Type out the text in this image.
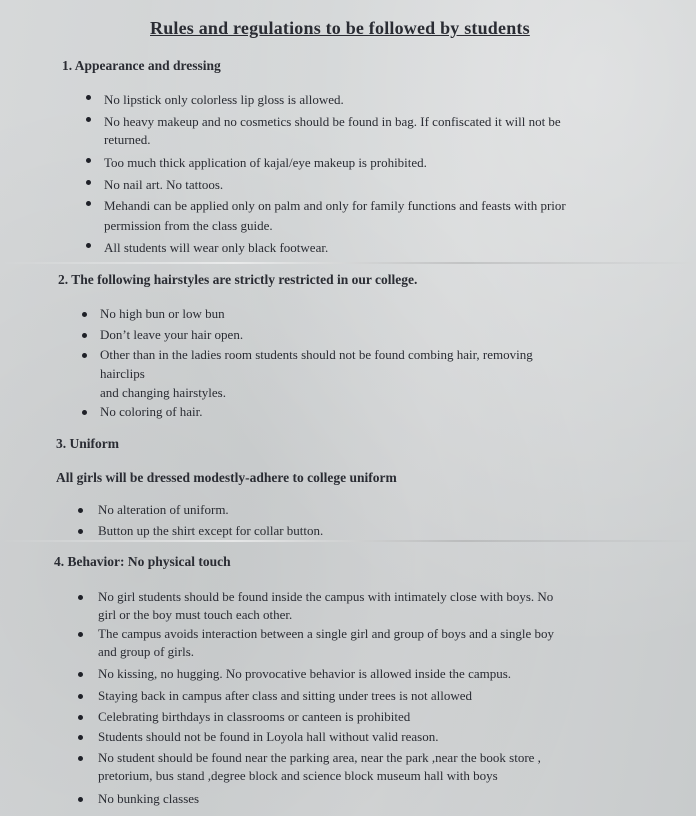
Rules and regulations to be followed by students
1. Appearance and dressing
No lipstick only colorless lip gloss is allowed.
No heavy makeup and no cosmetics should be found in bag. If confiscated it will not be
returned.
Too much thick application of kajal/eye makeup is prohibited.
No nail art. No tattoos.
Mehandi can be applied only on palm and only for family functions and feasts with prior
permission from the class guide.
All students will wear only black footwear.
2. The following hairstyles are strictly restricted in our college.
No high bun or low bun
Don’t leave your hair open.
Other than in the ladies room students should not be found combing hair, removing
hairclips
and changing hairstyles.
No coloring of hair.
3. Uniform
All girls will be dressed modestly-adhere to college uniform
No alteration of uniform.
Button up the shirt except for collar button.
4. Behavior: No physical touch
No girl students should be found inside the campus with intimately close with boys. No
girl or the boy must touch each other.
The campus avoids interaction between a single girl and group of boys and a single boy
and group of girls.
No kissing, no hugging. No provocative behavior is allowed inside the campus.
Staying back in campus after class and sitting under trees is not allowed
Celebrating birthdays in classrooms or canteen is prohibited
Students should not be found in Loyola hall without valid reason.
No student should be found near the parking area, near the park ,near the book store ,
pretorium, bus stand ,degree block and science block museum hall with boys
No bunking classes
